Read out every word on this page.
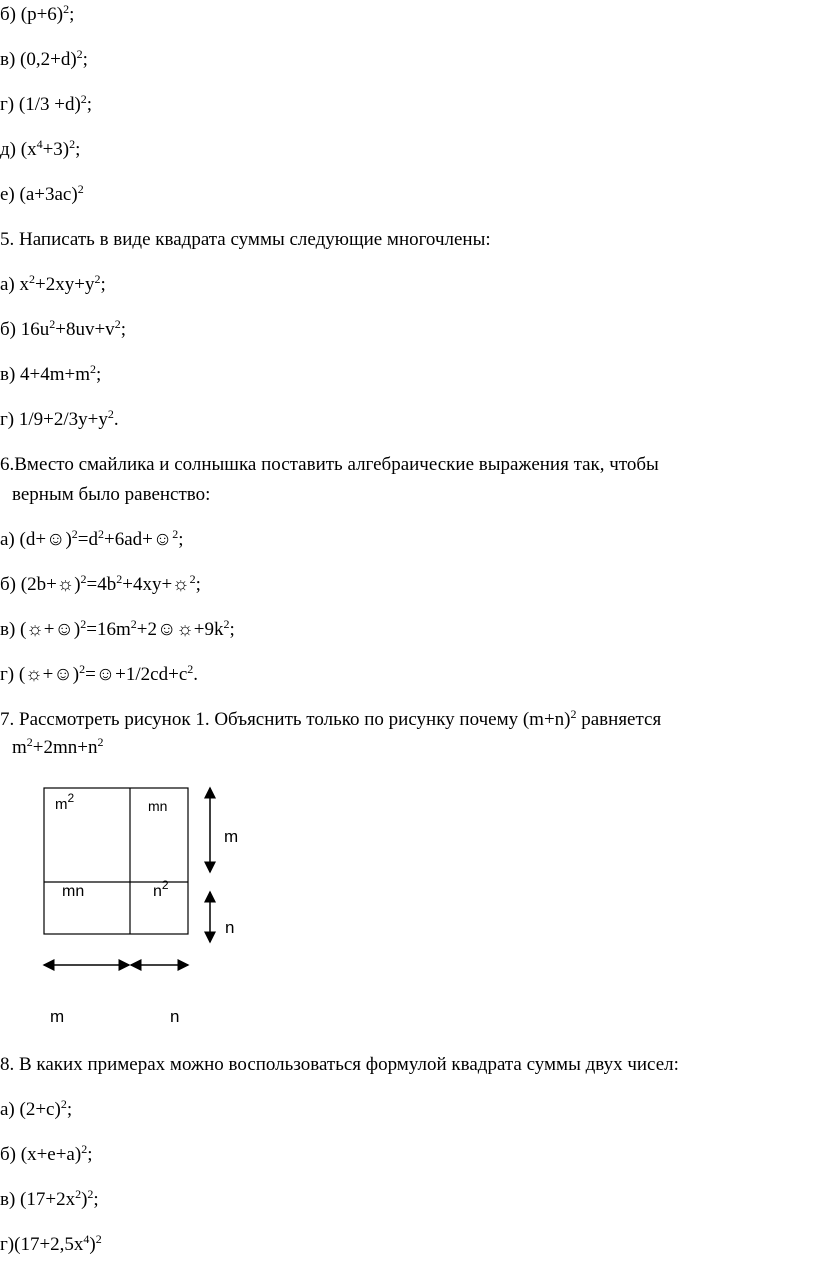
б) $(р+6)^2$;
в) $(0,2+d)^2$;
г) $(1/3 +d)^2$;
д) $(x^4+3)^2$;
е) $(а+3ас)^2$
5. Написать в виде квадрата суммы следующие многочлены:
а) $x^2+2xy+y^2$;
б) $16u^2+8uv+v^2$;
в) $4+4m+m^2$;
г) $1/9+2/3y+y^2$.
6.Вместо смайлика и солнышка поставить алгебраические выражения так, чтобы
верным было равенство:
а) $(d+☺)^2=d^2+6ad+☺^2$;
б) $(2b+☼)^2=4b^2+4xy+☼^2$;
в) $(☼+☺)^2=16m^2+2☺☼+9k^2$;
г) $(☼+☺)^2=☺+1/2cd+c^2$.
7. Рассмотреть рисунок 1. Объяснить только по рисунку почему $(m+n)^2$ равняется
$m^2+2mn+n^2$
8. В каких примерах можно воспользоваться формулой квадрата суммы двух чисел:
а) $(2+с)^2$;
б) $(x+e+a)^2$;
в) $(17+2x^2)^2$;
$г)(17+2,5x^4)^2$
$m^2$	mn
mn	$n^2$
m
n
m	n
